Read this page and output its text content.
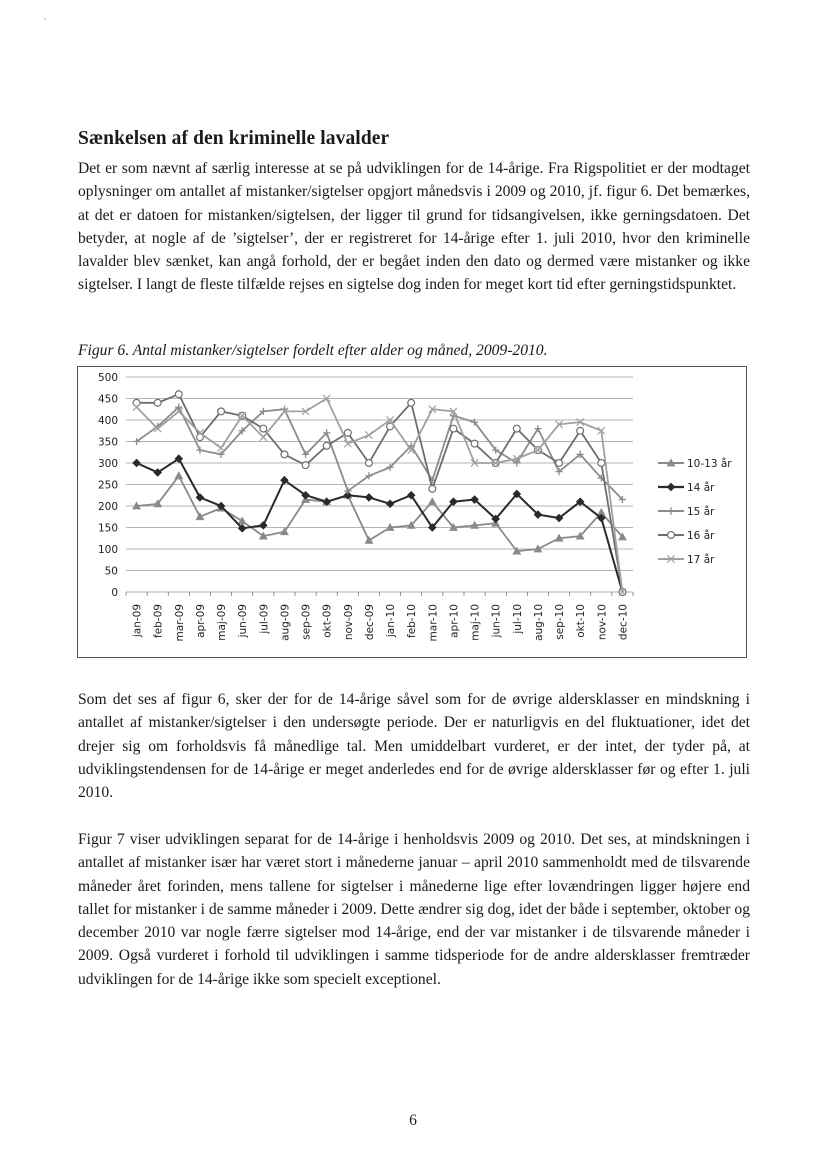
Sænkelsen af den kriminelle lavalder

Det er som nævnt af særlig interesse at se på udviklingen for de 14-årige. Fra Rigspolitiet er der modtaget oplysninger om antallet af mistanker/sigtelser opgjort månedsvis i 2009 og 2010, jf. figur 6. Det bemærkes, at det er datoen for mistanken/sigtelsen, der ligger til grund for tidsangivelsen, ikke gerningsdatoen. Det betyder, at nogle af de ’sigtelser’, der er registreret for 14-årige efter 1. juli 2010, hvor den kriminelle lavalder blev sænket, kan angå forhold, der er begået inden den dato og dermed være mistanker og ikke sigtelser. I langt de fleste tilfælde rejses en sigtelse dog inden for meget kort tid efter gerningstidspunktet.

Figur 6. Antal mistanker/sigtelser fordelt efter alder og måned, 2009-2010.

0
50
100
150
200
250
300
350
400
450
500
jan-09 feb-09 mar-09 apr-09 maj-09 jun-09 jul-09 aug-09 sep-09 okt-09 nov-09 dec-09 jan-10 feb-10 mar-10 apr-10 maj-10 jun-10 jul-10 aug-10 sep-10 okt-10 nov-10 dec-10
10-13 år
14 år
15 år
16 år
17 år

Som det ses af figur 6, sker der for de 14-årige såvel som for de øvrige aldersklasser en mindskning i antallet af mistanker/sigtelser i den undersøgte periode. Der er naturligvis en del fluktuationer, idet det drejer sig om forholdsvis få månedlige tal. Men umiddelbart vurderet, er der intet, der tyder på, at udviklingstendensen for de 14-årige er meget anderledes end for de øvrige aldersklasser før og efter 1. juli 2010.

Figur 7 viser udviklingen separat for de 14-årige i henholdsvis 2009 og 2010. Det ses, at mindskningen i antallet af mistanker især har været stort i månederne januar – april 2010 sammenholdt med de tilsvarende måneder året forinden, mens tallene for sigtelser i månederne lige efter lovændringen ligger højere end tallet for mistanker i de samme måneder i 2009. Dette ændrer sig dog, idet der både i september, oktober og december 2010 var nogle færre sigtelser mod 14-årige, end der var mistanker i de tilsvarende måneder i 2009. Også vurderet i forhold til udviklingen i samme tidsperiode for de andre aldersklasser fremtræder udviklingen for de 14-årige ikke som specielt exceptionel.

6
